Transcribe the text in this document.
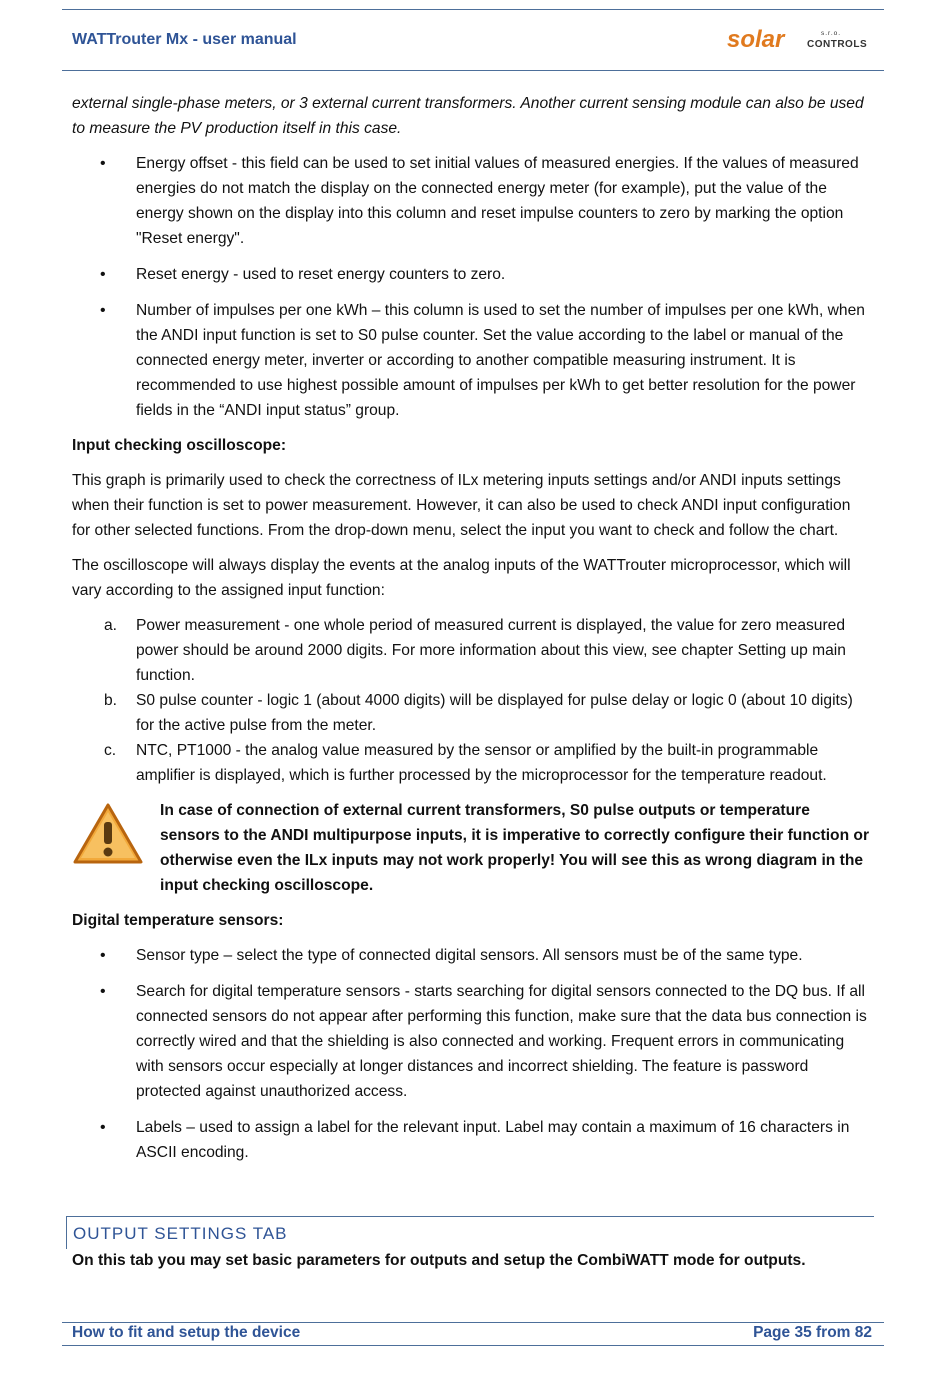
WATTrouter Mx - user manual	solar	s.r.o.
CONTROLS

external single-phase meters, or 3 external current transformers. Another current sensing module can also be used to measure the PV production itself in this case.

• Energy offset - this field can be used to set initial values of measured energies. If the values of measured energies do not match the display on the connected energy meter (for example), put the value of the energy shown on the display into this column and reset impulse counters to zero by marking the option "Reset energy".
• Reset energy - used to reset energy counters to zero.
• Number of impulses per one kWh – this column is used to set the number of impulses per one kWh, when the ANDI input function is set to S0 pulse counter. Set the value according to the label or manual of the connected energy meter, inverter or according to another compatible measuring instrument. It is recommended to use highest possible amount of impulses per kWh to get better resolution for the power fields in the “ANDI input status” group.

Input checking oscilloscope:

This graph is primarily used to check the correctness of ILx metering inputs settings and/or ANDI inputs settings when their function is set to power measurement. However, it can also be used to check ANDI input configuration for other selected functions. From the drop-down menu, select the input you want to check and follow the chart.

The oscilloscope will always display the events at the analog inputs of the WATTrouter microprocessor, which will vary according to the assigned input function:

a. Power measurement - one whole period of measured current is displayed, the value for zero measured power should be around 2000 digits. For more information about this view, see chapter Setting up main function.
b. S0 pulse counter - logic 1 (about 4000 digits) will be displayed for pulse delay or logic 0 (about 10 digits) for the active pulse from the meter.
c. NTC, PT1000 - the analog value measured by the sensor or amplified by the built-in programmable amplifier is displayed, which is further processed by the microprocessor for the temperature readout.
In case of connection of external current transformers, S0 pulse outputs or temperature sensors to the ANDI multipurpose inputs, it is imperative to correctly configure their function or otherwise even the ILx inputs may not work properly! You will see this as wrong diagram in the input checking oscilloscope.

Digital temperature sensors:

• Sensor type – select the type of connected digital sensors. All sensors must be of the same type.
• Search for digital temperature sensors - starts searching for digital sensors connected to the DQ bus. If all connected sensors do not appear after performing this function, make sure that the data bus connection is correctly wired and that the shielding is also connected and working. Frequent errors in communicating with sensors occur especially at longer distances and incorrect shielding. The feature is password protected against unauthorized access.
• Labels – used to assign a label for the relevant input. Label may contain a maximum of 16 characters in ASCII encoding.
OUTPUT SETTINGS TAB
On this tab you may set basic parameters for outputs and setup the CombiWATT mode for outputs.
How to fit and setup the device	Page 35 from 82
